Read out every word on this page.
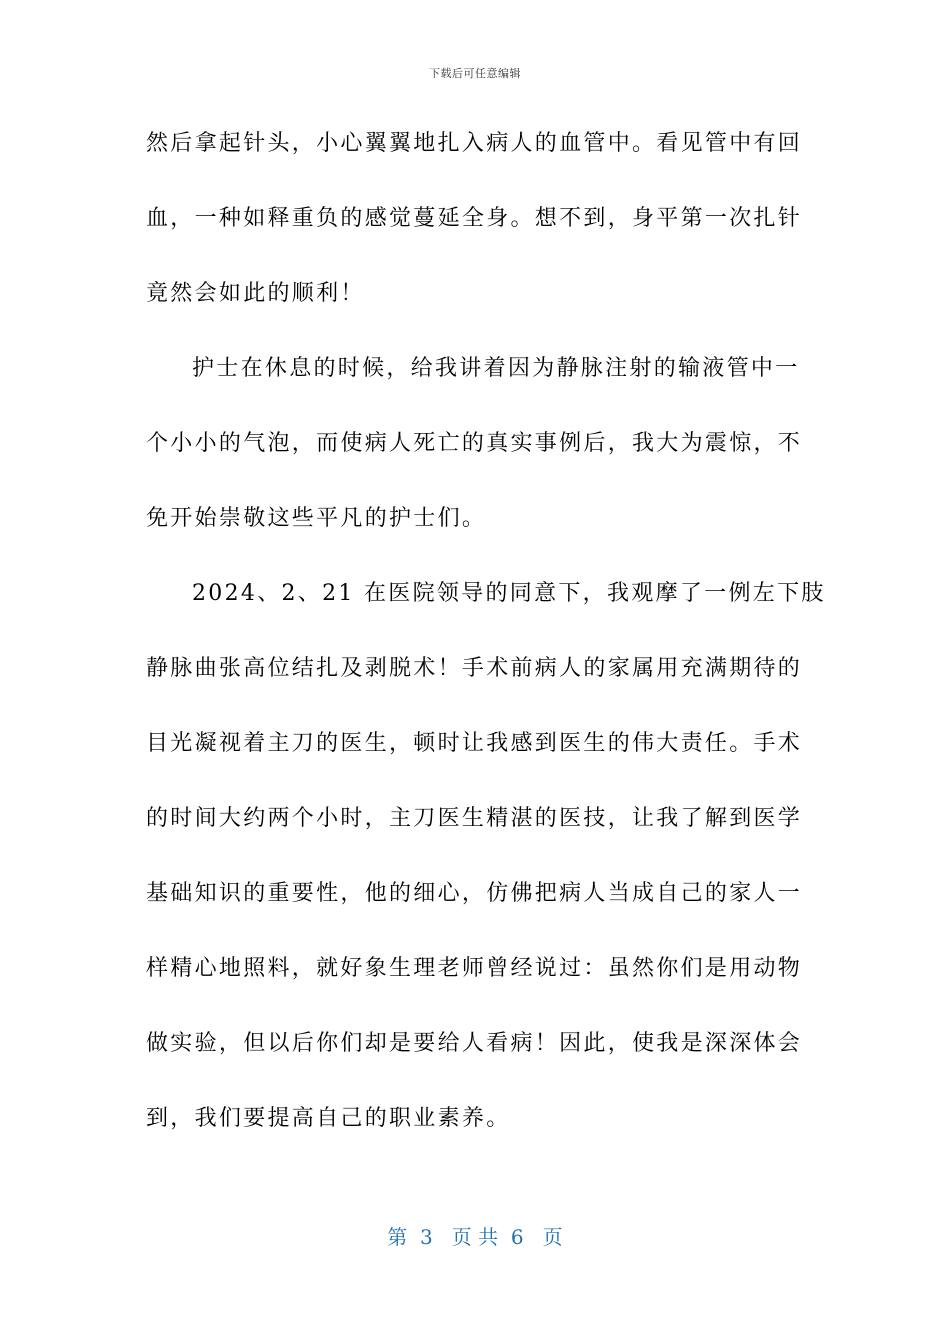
下载后可任意编辑
然后拿起针头，小心翼翼地扎入病人的血管中。看见管中有回
血，一种如释重负的感觉蔓延全身。想不到，身平第一次扎针
竟然会如此的顺利！
护士在休息的时候，给我讲着因为静脉注射的输液管中一
个小小的气泡，而使病人死亡的真实事例后，我大为震惊，不
免开始崇敬这些平凡的护士们。
2024、2、21 在医院领导的同意下，我观摩了一例左下肢
静脉曲张高位结扎及剥脱术！手术前病人的家属用充满期待的
目光凝视着主刀的医生，顿时让我感到医生的伟大责任。手术
的时间大约两个小时，主刀医生精湛的医技，让我了解到医学
基础知识的重要性，他的细心，仿佛把病人当成自己的家人一
样精心地照料，就好象生理老师曾经说过：虽然你们是用动物
做实验，但以后你们却是要给人看病！因此，使我是深深体会
到，我们要提高自己的职业素养。
第  3   页 共  6   页
